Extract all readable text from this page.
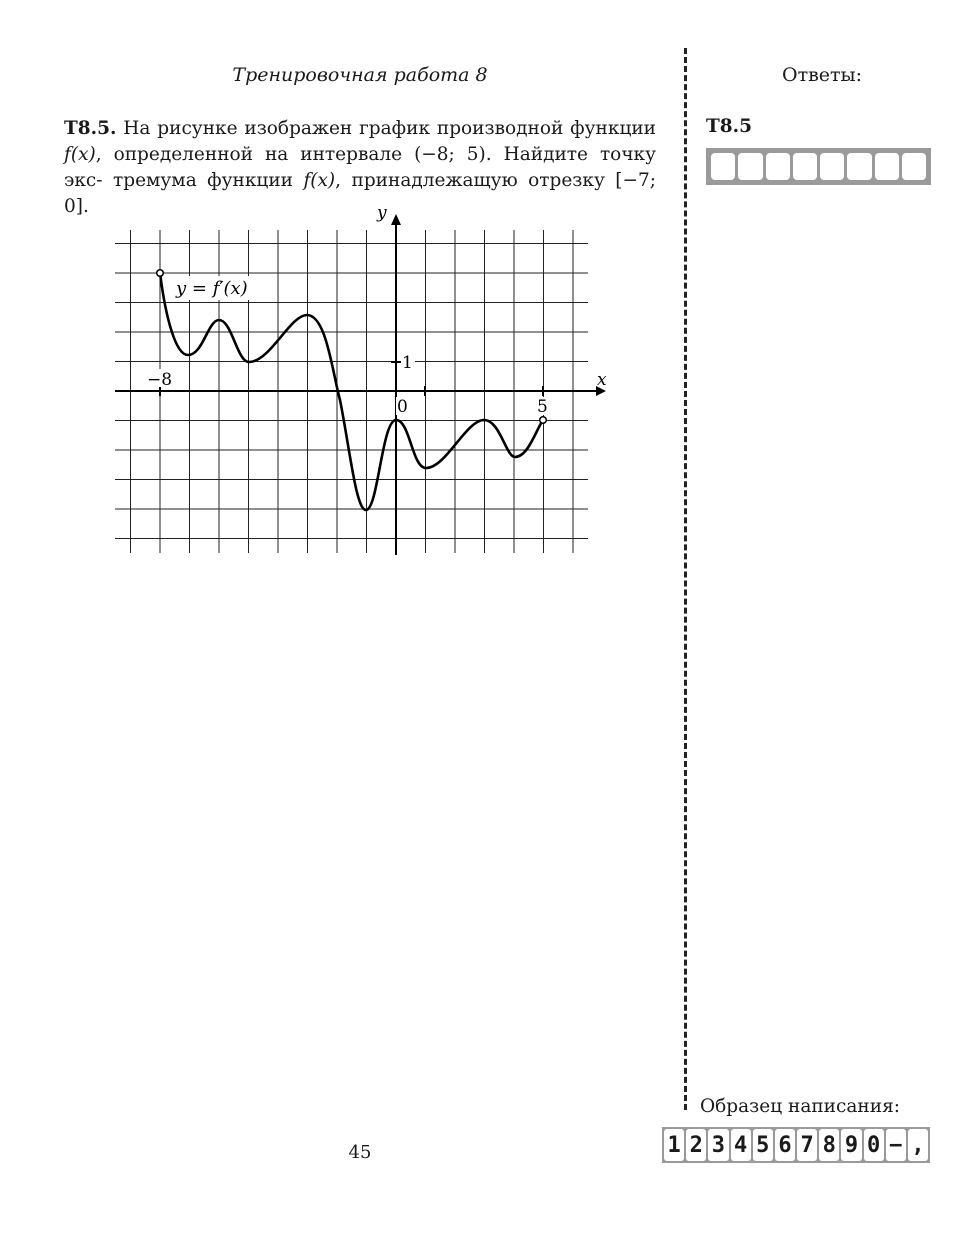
Тренировочная работа 8	Ответы:
Т8.5. На рисунке изображен график производной функции f(x), определенной на интервале (−8; 5). Найдите точку экс- тремума функции f(x), принадлежащую отрезку [−7; 0].
y = f′(x)
x
y
−8
0
1
5
Т8.5
Образец написания:
1 2 3 4 5 6 7 8 9 0 − ,
45
